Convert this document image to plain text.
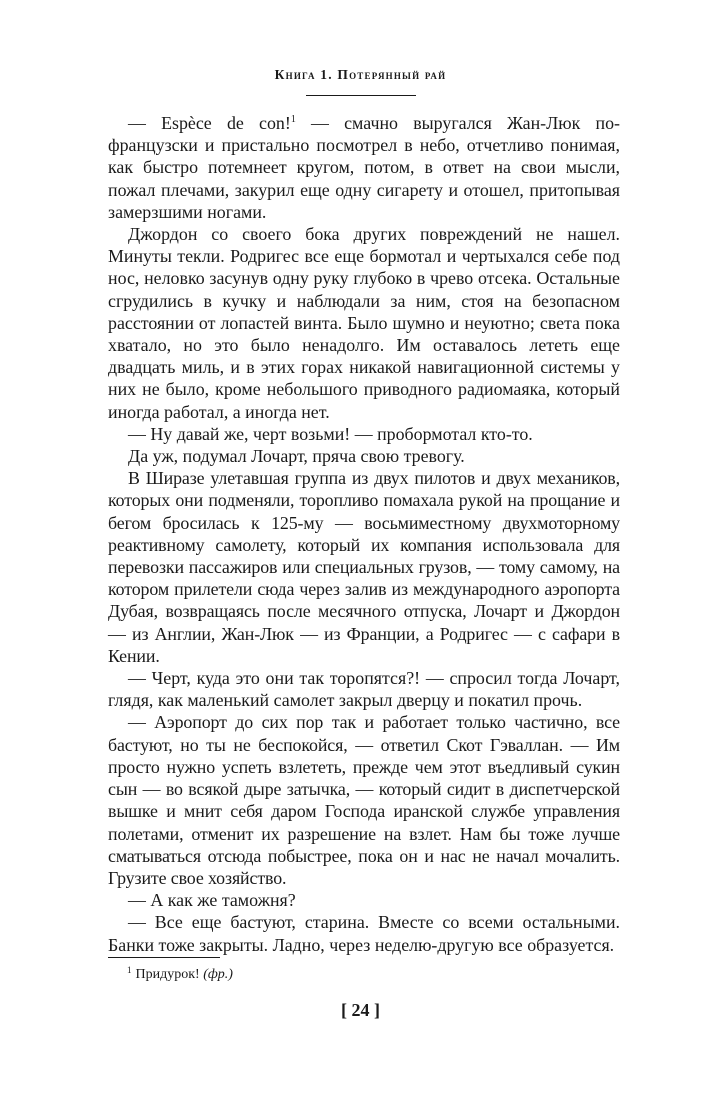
Книга 1. Потерянный рай

— Espèce de con!$^1$ — смачно выругался Жан-Люк по-французски и пристально посмотрел в небо, отчетливо понимая, как быстро потемнеет кругом, потом, в ответ на свои мысли, пожал плечами, закурил еще одну сигарету и отошел, притопывая замерзшими ногами.

Джордон со своего бока других повреждений не нашел. Минуты текли. Родригес все еще бормотал и чертыхался себе под нос, неловко засунув одну руку глубоко в чрево отсека. Остальные сгрудились в кучку и наблюдали за ним, стоя на безопасном расстоянии от лопастей винта. Было шумно и неуютно; света пока хватало, но это было ненадолго. Им оставалось лететь еще двадцать миль, и в этих горах никакой навигационной системы у них не было, кроме небольшого приводного радиомаяка, который иногда работал, а иногда нет.

— Ну давай же, черт возьми! — пробормотал кто-то.

Да уж, подумал Лочарт, пряча свою тревогу.

В Ширазе улетавшая группа из двух пилотов и двух механиков, которых они подменяли, торопливо помахала рукой на прощание и бегом бросилась к 125-му — восьмиместному двухмоторному реактивному самолету, который их компания использовала для перевозки пассажиров или специальных грузов, — тому самому, на котором прилетели сюда через залив из международного аэропорта Дубая, возвращаясь после месячного отпуска, Лочарт и Джордон — из Англии, Жан-Люк — из Франции, а Родригес — с сафари в Кении.

— Черт, куда это они так торопятся?! — спросил тогда Лочарт, глядя, как маленький самолет закрыл дверцу и покатил прочь.

— Аэропорт до сих пор так и работает только частично, все бастуют, но ты не беспокойся, — ответил Скот Гэваллан. — Им просто нужно успеть взлететь, прежде чем этот въедливый сукин сын — во всякой дыре затычка, — который сидит в диспетчерской вышке и мнит себя даром Господа иранской службе управления полетами, отменит их разрешение на взлет. Нам бы тоже лучше сматываться отсюда побыстрее, пока он и нас не начал мочалить. Грузите свое хозяйство.

— А как же таможня?

— Все еще бастуют, старина. Вместе со всеми остальными. Банки тоже закрыты. Ладно, через неделю-другую все образуется.

$^1$ Придурок! (фр.)
[ 24 ]
